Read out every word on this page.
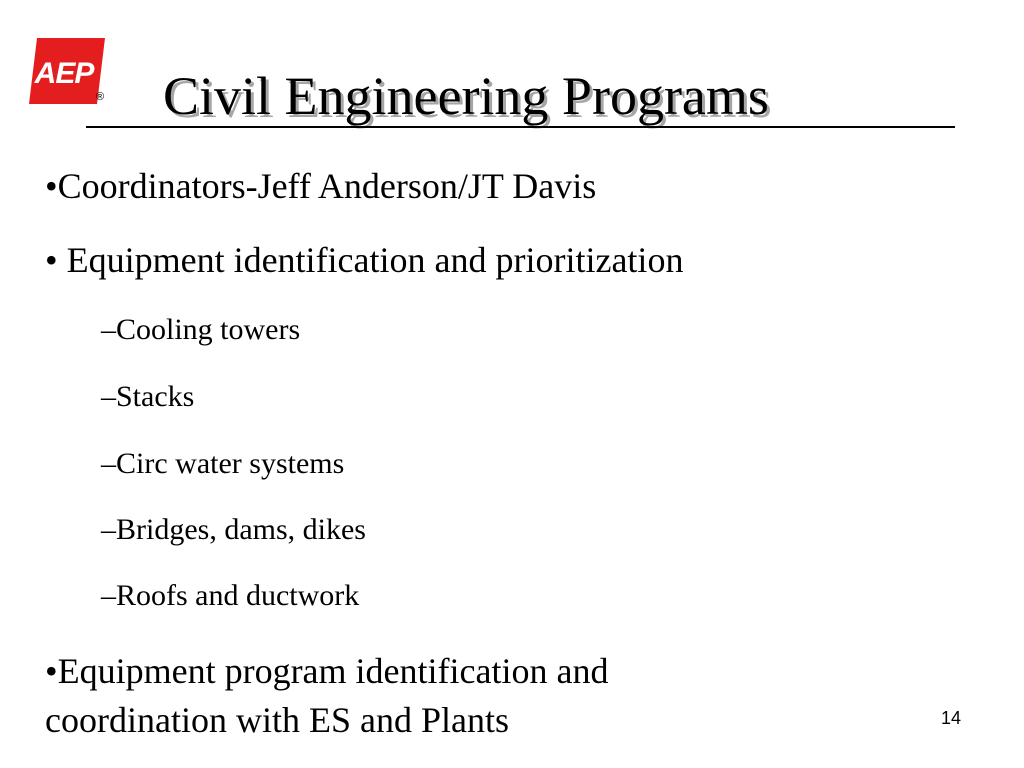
AEP
® Civil Engineering Programs

•Coordinators-Jeff Anderson/JT Davis

• Equipment identification and prioritization

–Cooling towers

–Stacks

–Circ water systems

–Bridges, dams, dikes

–Roofs and ductwork

•Equipment program identification and

coordination with ES and Plants	14
